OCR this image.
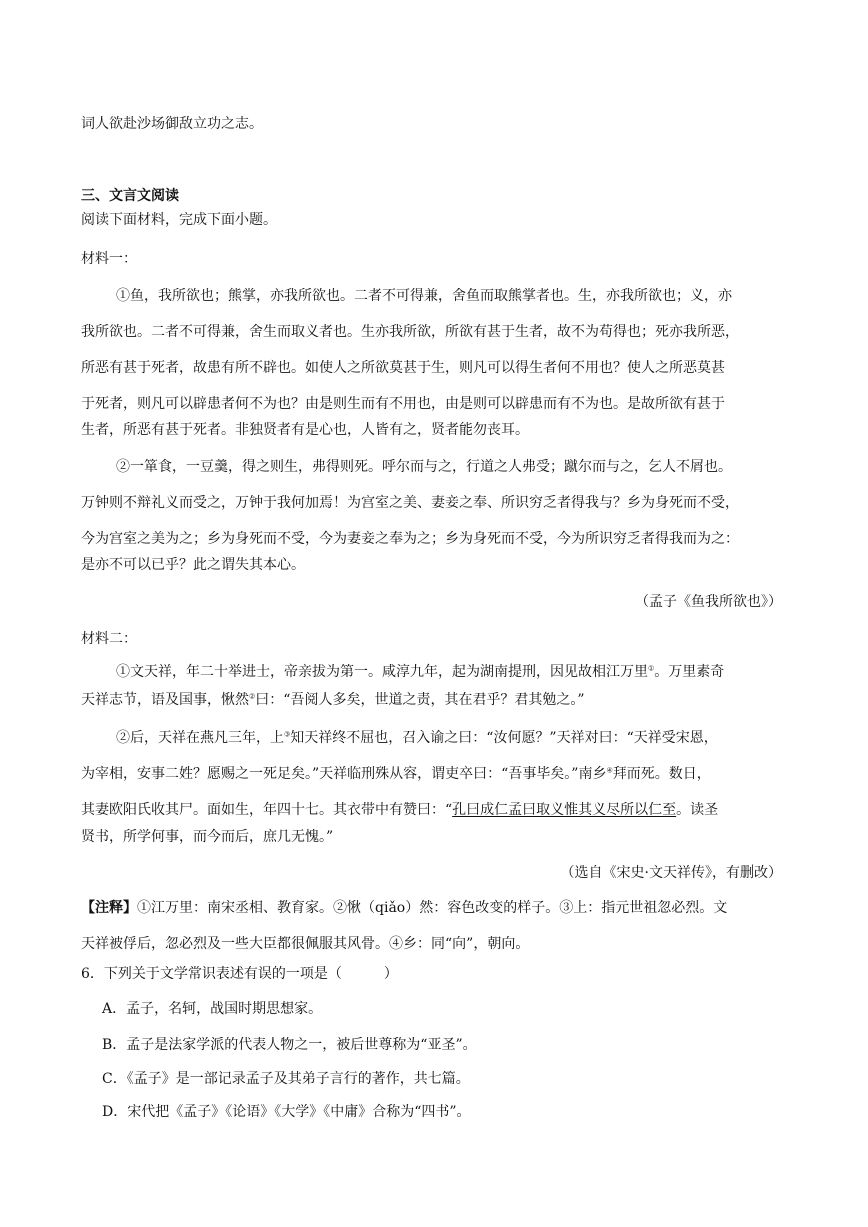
词人欲赴沙场御敌立功之志。
三、文言文阅读
阅读下面材料，完成下面小题。
材料一：
①鱼，我所欲也；熊掌，亦我所欲也。二者不可得兼，舍鱼而取熊掌者也。生，亦我所欲也；义，亦
我所欲也。二者不可得兼，舍生而取义者也。生亦我所欲，所欲有甚于生者，故不为苟得也；死亦我所恶，
所恶有甚于死者，故患有所不辟也。如使人之所欲莫甚于生，则凡可以得生者何不用也？使人之所恶莫甚
于死者，则凡可以辟患者何不为也？由是则生而有不用也，由是则可以辟患而有不为也。是故所欲有甚于
生者，所恶有甚于死者。非独贤者有是心也，人皆有之，贤者能勿丧耳。
②一箪食，一豆羹，得之则生，弗得则死。呼尔而与之，行道之人弗受；蹴尔而与之，乞人不屑也。
万钟则不辩礼义而受之，万钟于我何加焉！为宫室之美、妻妾之奉、所识穷乏者得我与？乡为身死而不受，
今为宫室之美为之；乡为身死而不受，今为妻妾之奉为之；乡为身死而不受，今为所识穷乏者得我而为之：
是亦不可以已乎？此之谓失其本心。
（孟子《鱼我所欲也》）
材料二：
①文天祥，年二十举进士，帝亲拔为第一。咸淳九年，起为湖南提刑，因见故相江万里①。万里素奇
天祥志节，语及国事，愀然②曰：“吾阅人多矣，世道之责，其在君乎？君其勉之。”
②后，天祥在燕凡三年，上③知天祥终不屈也，召入谕之曰：“汝何愿？”天祥对曰：“天祥受宋恩，
为宰相，安事二姓？愿赐之一死足矣。”天祥临刑殊从容，谓吏卒曰：“吾事毕矣。”南乡④拜而死。数日，
其妻欧阳氏收其尸。面如生，年四十七。其衣带中有赞曰：“孔曰成仁孟曰取义惟其义尽所以仁至。读圣
贤书，所学何事，而今而后，庶几无愧。”
（选自《宋史·文天祥传》，有删改）
【注释】①江万里：南宋丞相、教育家。②愀（qiǎo）然：容色改变的样子。③上：指元世祖忽必烈。文
天祥被俘后，忽必烈及一些大臣都很佩服其风骨。④乡：同“向”，朝向。
6．下列关于文学常识表述有误的一项是（　　　）
A．孟子，名轲，战国时期思想家。
B．孟子是法家学派的代表人物之一，被后世尊称为“亚圣”。
C．《孟子》是一部记录孟子及其弟子言行的著作，共七篇。
D．宋代把《孟子》《论语》《大学》《中庸》合称为“四书”。
